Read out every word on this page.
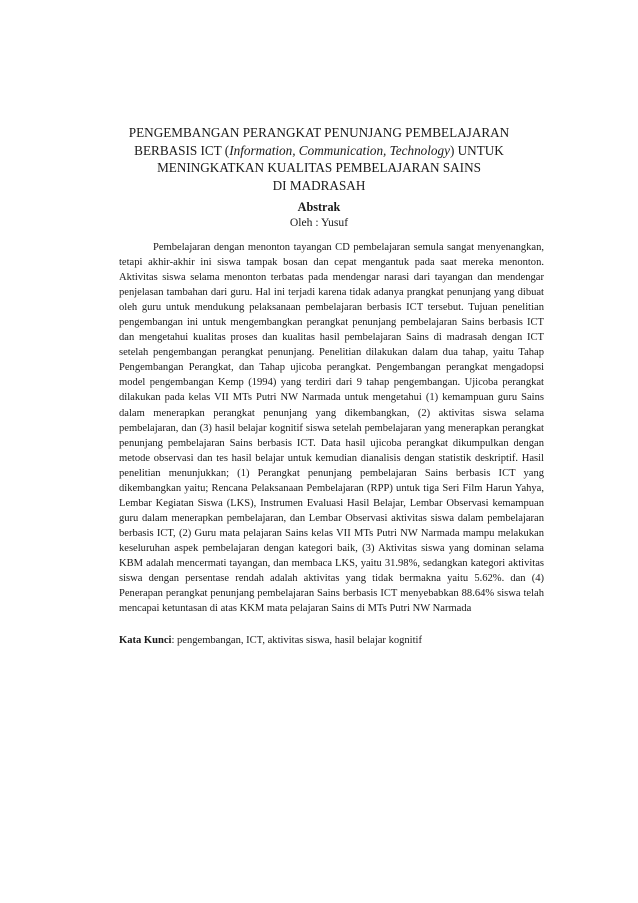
PENGEMBANGAN PERANGKAT PENUNJANG PEMBELAJARAN
BERBASIS ICT (Information, Communication, Technology) UNTUK
MENINGKATKAN KUALITAS PEMBELAJARAN SAINS
DI MADRASAH
Abstrak
Oleh : Yusuf

Pembelajaran dengan menonton tayangan CD pembelajaran semula sangat menyenangkan, tetapi akhir-akhir ini siswa tampak bosan dan cepat mengantuk pada saat mereka menonton. Aktivitas siswa selama menonton terbatas pada mendengar narasi dari tayangan dan mendengar penjelasan tambahan dari guru. Hal ini terjadi karena tidak adanya prangkat penunjang yang dibuat oleh guru untuk mendukung pelaksanaan pembelajaran berbasis ICT tersebut. Tujuan penelitian pengembangan ini untuk mengembangkan perangkat penunjang pembelajaran Sains berbasis ICT dan mengetahui kualitas proses dan kualitas hasil pembelajaran Sains di madrasah dengan ICT setelah pengembangan perangkat penunjang. Penelitian dilakukan dalam dua tahap, yaitu Tahap Pengembangan Perangkat, dan Tahap ujicoba perangkat. Pengembangan perangkat mengadopsi model pengembangan Kemp (1994) yang terdiri dari 9 tahap pengembangan. Ujicoba perangkat dilakukan pada kelas VII MTs Putri NW Narmada untuk mengetahui (1) kemampuan guru Sains dalam menerapkan perangkat penunjang yang dikembangkan, (2) aktivitas siswa selama pembelajaran, dan (3) hasil belajar kognitif siswa setelah pembelajaran yang menerapkan perangkat penunjang pembelajaran Sains berbasis ICT. Data hasil ujicoba perangkat dikumpulkan dengan metode observasi dan tes hasil belajar untuk kemudian dianalisis dengan statistik deskriptif. Hasil penelitian menunjukkan; (1) Perangkat penunjang pembelajaran Sains berbasis ICT yang dikembangkan yaitu; Rencana Pelaksanaan Pembelajaran (RPP) untuk tiga Seri Film Harun Yahya, Lembar Kegiatan Siswa (LKS), Instrumen Evaluasi Hasil Belajar, Lembar Observasi kemampuan guru dalam menerapkan pembelajaran, dan Lembar Observasi aktivitas siswa dalam pembelajaran berbasis ICT, (2) Guru mata pelajaran Sains kelas VII MTs Putri NW Narmada mampu melakukan keseluruhan aspek pembelajaran dengan kategori baik, (3) Aktivitas siswa yang dominan selama KBM adalah mencermati tayangan, dan membaca LKS, yaitu 31.98%, sedangkan kategori aktivitas siswa dengan persentase rendah adalah aktivitas yang tidak bermakna yaitu 5.62%. dan (4) Penerapan perangkat penunjang pembelajaran Sains berbasis ICT menyebabkan 88.64% siswa telah mencapai ketuntasan di atas KKM mata pelajaran Sains di MTs Putri NW Narmada

Kata Kunci: pengembangan, ICT, aktivitas siswa, hasil belajar kognitif
